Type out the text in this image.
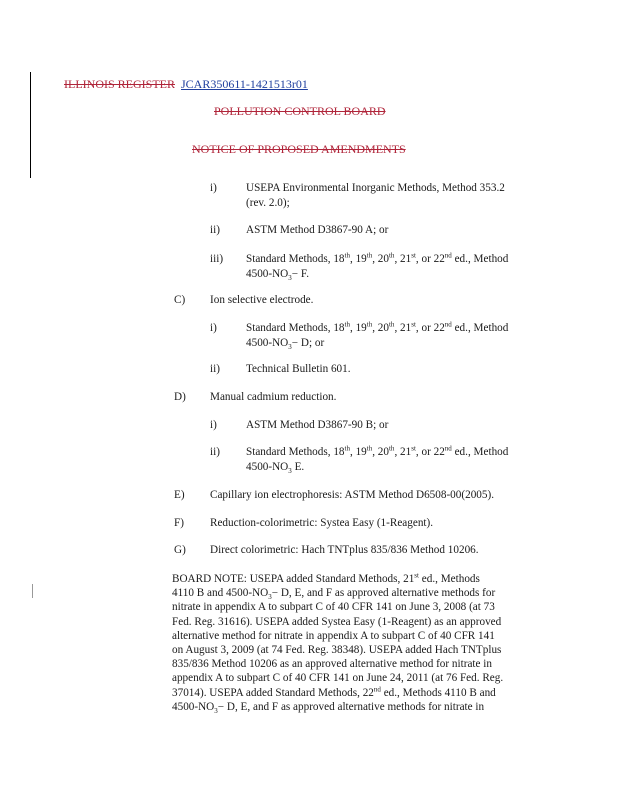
ILLINOIS REGISTER JCAR350611-1421513r01
POLLUTION CONTROL BOARD
NOTICE OF PROPOSED AMENDMENTS
i)	USEPA Environmental Inorganic Methods, Method 353.2
(rev. 2.0);
ii) ASTM Method D3867-90 A; or
iii) Standard Methods, 18th, 19th, 20th, 21st, or 22nd ed., Method
$4500-NO_3- F$.
C) Ion selective electrode.
i)	Standard Methods, 18th, 19th, 20th, 21st, or 22nd ed., Method
$4500-NO_3- D$; or
ii) Technical Bulletin 601.
D) Manual cadmium reduction.
i)	ASTM Method D3867-90 B; or
ii) Standard Methods, 18th, 19th, 20th, 21st, or 22nd ed., Method
$4500-NO_3$ E.
E) Capillary ion electrophoresis: ASTM Method D6508-00(2005).
F) Reduction-colorimetric: Systea Easy (1-Reagent).
G) Direct colorimetric: Hach TNTplus 835/836 Method 10206.
BOARD NOTE: USEPA added Standard Methods, 21st ed., Methods
4110 B and $4500-NO_3- D$, E, and F as approved alternative methods for
nitrate in appendix A to subpart C of 40 CFR 141 on June 3, 2008 (at 73
Fed. Reg. 31616). USEPA added Systea Easy (1-Reagent) as an approved
alternative method for nitrate in appendix A to subpart C of 40 CFR 141
on August 3, 2009 (at 74 Fed. Reg. 38348). USEPA added Hach TNTplus
835/836 Method 10206 as an approved alternative method for nitrate in
appendix A to subpart C of 40 CFR 141 on June 24, 2011 (at 76 Fed. Reg.
37014). USEPA added Standard Methods, 22nd ed., Methods 4110 B and
$4500-NO_3- D$, E, and F as approved alternative methods for nitrate in
